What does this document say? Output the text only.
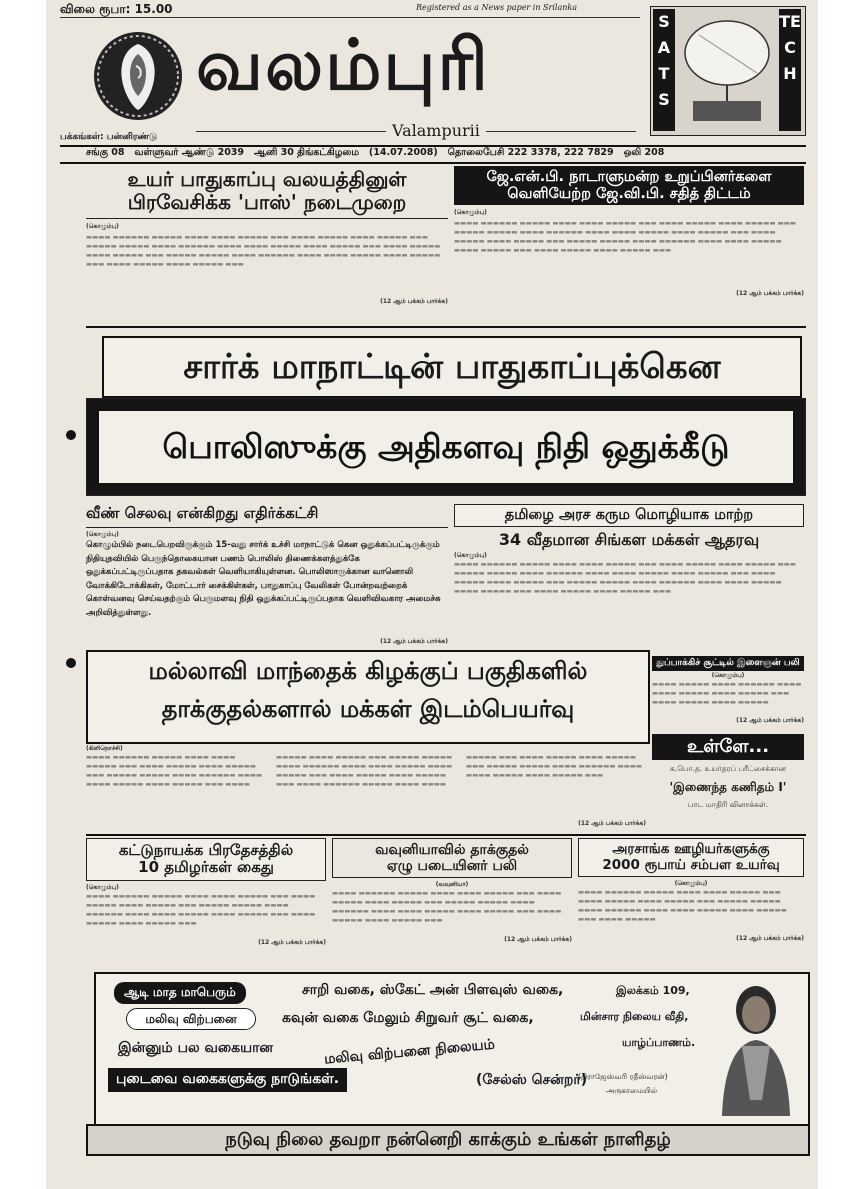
விலை ரூபா: 15.00	Registered as a News paper in Srilanka
வலம்புரி
Valampurii
SATS
TECH
பக்கங்கள்: பன்னிரண்டு
சங்கு 08   வள்ளுவர் ஆண்டு 2039   ஆனி 30 திங்கட்கிழமை   (14.07.2008)   தொலைபேசி 222 3378, 222 7829   ஒலி 208
உயர் பாதுகாப்பு வலயத்தினுள்
பிரவேசிக்க 'பாஸ்' நடைமுறை
(கொழும்பு)
▬▬▬▬ ▬▬▬▬▬▬ ▬▬▬▬▬ ▬▬▬▬ ▬▬▬▬ ▬▬▬▬▬ ▬▬▬ ▬▬▬▬ ▬▬▬▬▬ ▬▬▬▬ ▬▬▬▬▬ ▬▬▬ ▬▬▬▬▬ ▬▬▬▬▬ ▬▬▬▬ ▬▬▬▬▬▬ ▬▬▬▬ ▬▬▬▬ ▬▬▬▬▬ ▬▬▬▬ ▬▬▬▬▬ ▬▬▬ ▬▬▬▬ ▬▬▬▬▬ ▬▬▬▬ ▬▬▬▬▬ ▬▬▬ ▬▬▬▬▬ ▬▬▬▬▬ ▬▬▬▬ ▬▬▬▬▬▬ ▬▬▬▬ ▬▬▬▬ ▬▬▬▬▬ ▬▬▬▬ ▬▬▬▬▬ ▬▬▬ ▬▬▬▬ ▬▬▬▬▬ ▬▬▬▬ ▬▬▬▬▬ ▬▬▬
(12 ஆம் பக்கம் பார்க்க)
ஜே.என்.பி. நாடாளுமன்ற உறுப்பினர்களை
வெளியேற்ற ஜே.வி.பி. சதித் திட்டம்
(கொழும்பு)
▬▬▬▬ ▬▬▬▬▬▬ ▬▬▬▬▬ ▬▬▬▬ ▬▬▬▬ ▬▬▬▬▬ ▬▬▬ ▬▬▬▬ ▬▬▬▬▬ ▬▬▬▬ ▬▬▬▬▬ ▬▬▬ ▬▬▬▬▬ ▬▬▬▬▬ ▬▬▬▬ ▬▬▬▬▬▬ ▬▬▬▬ ▬▬▬▬ ▬▬▬▬▬ ▬▬▬▬ ▬▬▬▬▬ ▬▬▬ ▬▬▬▬ ▬▬▬▬▬ ▬▬▬▬ ▬▬▬▬▬ ▬▬▬ ▬▬▬▬▬ ▬▬▬▬▬ ▬▬▬▬ ▬▬▬▬▬▬ ▬▬▬▬ ▬▬▬▬ ▬▬▬▬▬ ▬▬▬▬ ▬▬▬▬▬ ▬▬▬ ▬▬▬▬ ▬▬▬▬▬ ▬▬▬▬ ▬▬▬▬▬ ▬▬▬
(12 ஆம் பக்கம் பார்க்க)
சார்க் மாநாட்டின் பாதுகாப்புக்கென
பொலிஸுக்கு அதிகளவு நிதி ஒதுக்கீடு
வீண் செலவு என்கிறது எதிர்க்கட்சி
(கொழும்பு)
கொழும்பில் நடைபெறவிருக்கும் 15-வது சார்க் உச்சி மாநாட்டுக் கென ஒதுக்கப்பட்டிருக்கும் நிதியுதவியில் பெருந்தொகையான பணம் பொலிஸ் திணைக்களத்துக்கே ஒதுக்கப்பட்டிருப்பதாக தகவல்கள் வெளியாகியுள்ளன. பொலிஸாருக்கான வானொலி வோக்கிடோக்கிகள், மோட்டார் சைக்கிள்கள், பாதுகாப்பு வேலிகள் போன்றவற்றைக் கொள்வனவு செய்வதற்கும் பெருமளவு நிதி ஒதுக்கப்பட்டிருப்பதாக வெளிவிவகார அமைச்சு அறிவித்துள்ளது.
(12 ஆம் பக்கம் பார்க்க)
தமிழை அரச கரும மொழியாக மாற்ற
34 வீதமான சிங்கள மக்கள் ஆதரவு
(கொழும்பு)
▬▬▬▬ ▬▬▬▬▬▬ ▬▬▬▬▬ ▬▬▬▬ ▬▬▬▬ ▬▬▬▬▬ ▬▬▬ ▬▬▬▬ ▬▬▬▬▬ ▬▬▬▬ ▬▬▬▬▬ ▬▬▬ ▬▬▬▬▬ ▬▬▬▬▬ ▬▬▬▬ ▬▬▬▬▬▬ ▬▬▬▬ ▬▬▬▬ ▬▬▬▬▬ ▬▬▬▬ ▬▬▬▬▬ ▬▬▬ ▬▬▬▬ ▬▬▬▬▬ ▬▬▬▬ ▬▬▬▬▬ ▬▬▬ ▬▬▬▬▬ ▬▬▬▬▬ ▬▬▬▬ ▬▬▬▬▬▬ ▬▬▬▬ ▬▬▬▬ ▬▬▬▬▬ ▬▬▬▬ ▬▬▬▬▬ ▬▬▬ ▬▬▬▬ ▬▬▬▬▬ ▬▬▬▬ ▬▬▬▬▬ ▬▬▬
மல்லாவி மாந்தைக் கிழக்குப் பகுதிகளில்
தாக்குதல்களால் மக்கள் இடம்பெயர்வு
(கிளிநொச்சி)
▬▬▬▬ ▬▬▬▬▬▬ ▬▬▬▬▬ ▬▬▬▬ ▬▬▬▬ ▬▬▬▬▬ ▬▬▬ ▬▬▬▬ ▬▬▬▬▬ ▬▬▬▬ ▬▬▬▬▬ ▬▬▬ ▬▬▬▬▬ ▬▬▬▬▬ ▬▬▬▬ ▬▬▬▬▬▬ ▬▬▬▬ ▬▬▬▬ ▬▬▬▬▬ ▬▬▬▬ ▬▬▬▬▬ ▬▬▬ ▬▬▬▬ ▬▬▬▬▬ ▬▬▬▬ ▬▬▬▬▬ ▬▬▬ ▬▬▬▬▬ ▬▬▬▬▬ ▬▬▬▬ ▬▬▬▬▬▬ ▬▬▬▬ ▬▬▬▬ ▬▬▬▬▬ ▬▬▬▬ ▬▬▬▬▬ ▬▬▬ ▬▬▬▬ ▬▬▬▬▬ ▬▬▬▬ ▬▬▬▬▬ ▬▬▬ ▬▬▬▬ ▬▬▬▬▬▬ ▬▬▬▬▬ ▬▬▬▬ ▬▬▬▬ ▬▬▬▬▬ ▬▬▬ ▬▬▬▬ ▬▬▬▬▬ ▬▬▬▬ ▬▬▬▬▬ ▬▬▬ ▬▬▬▬▬ ▬▬▬▬▬ ▬▬▬▬ ▬▬▬▬▬▬ ▬▬▬▬ ▬▬▬▬ ▬▬▬▬▬ ▬▬▬▬ ▬▬▬▬▬ ▬▬▬
(12 ஆம் பக்கம் பார்க்க)
துப்பாக்கிச் சூட்டில் இளைஞன் பலி
(கொழும்பு)
▬▬▬▬ ▬▬▬▬▬ ▬▬▬▬ ▬▬▬▬▬▬ ▬▬▬▬ ▬▬▬▬ ▬▬▬▬▬ ▬▬▬▬ ▬▬▬▬▬ ▬▬▬ ▬▬▬▬ ▬▬▬▬▬ ▬▬▬▬ ▬▬▬▬▬
(12 ஆம் பக்கம் பார்க்க)
உள்ளே...
க.பொ.த. உயர்தரப் பரீட்சைக்கான
'இணைந்த கணிதம் I'
பாட மாதிரி வினாக்கள்.
கட்டுநாயக்க பிரதேசத்தில்
10 தமிழர்கள் கைது
(கொழும்பு)
▬▬▬▬ ▬▬▬▬▬▬ ▬▬▬▬▬ ▬▬▬▬ ▬▬▬▬ ▬▬▬▬▬ ▬▬▬ ▬▬▬▬ ▬▬▬▬▬ ▬▬▬▬ ▬▬▬▬▬ ▬▬▬ ▬▬▬▬▬ ▬▬▬▬▬ ▬▬▬▬ ▬▬▬▬▬▬ ▬▬▬▬ ▬▬▬▬ ▬▬▬▬▬ ▬▬▬▬ ▬▬▬▬▬ ▬▬▬ ▬▬▬▬ ▬▬▬▬▬ ▬▬▬▬ ▬▬▬▬▬ ▬▬▬
(12 ஆம் பக்கம் பார்க்க)
வவுனியாவில் தாக்குதல்
ஏழு படையினர் பலி
(வவுனியா)
▬▬▬▬ ▬▬▬▬▬▬ ▬▬▬▬▬ ▬▬▬▬ ▬▬▬▬ ▬▬▬▬▬ ▬▬▬ ▬▬▬▬ ▬▬▬▬▬ ▬▬▬▬ ▬▬▬▬▬ ▬▬▬ ▬▬▬▬▬ ▬▬▬▬▬ ▬▬▬▬ ▬▬▬▬▬▬ ▬▬▬▬ ▬▬▬▬ ▬▬▬▬▬ ▬▬▬▬ ▬▬▬▬▬ ▬▬▬ ▬▬▬▬ ▬▬▬▬▬ ▬▬▬▬ ▬▬▬▬▬ ▬▬▬
(12 ஆம் பக்கம் பார்க்க)
அரசாங்க ஊழியர்களுக்கு
2000 ரூபாய் சம்பள உயர்வு
(கொழும்பு)
▬▬▬▬ ▬▬▬▬▬▬ ▬▬▬▬▬ ▬▬▬▬ ▬▬▬▬ ▬▬▬▬▬ ▬▬▬ ▬▬▬▬ ▬▬▬▬▬ ▬▬▬▬ ▬▬▬▬▬ ▬▬▬ ▬▬▬▬▬ ▬▬▬▬▬ ▬▬▬▬ ▬▬▬▬▬▬ ▬▬▬▬ ▬▬▬▬ ▬▬▬▬▬ ▬▬▬▬ ▬▬▬▬▬ ▬▬▬ ▬▬▬▬ ▬▬▬▬▬
(12 ஆம் பக்கம் பார்க்க)
ஆடி மாத மாபெரும்
மலிவு விற்பனை
சாறி வகை, ஸ்கேட் அன் பிளவுஸ் வகை,
கவுன் வகை மேலும் சிறுவர் சூட் வகை,
இன்னும் பல வகையான
புடைவை வகைகளுக்கு நாடுங்கள்.
மலிவு விற்பனை நிலையம்
(சேல்ஸ் சென்றர்)
இலக்கம் 109,
மின்சார நிலைய வீதி,
யாழ்ப்பாணம்.
(திராஜேஸ்வரி ரதீஸ்வரன்)
அருகாமையில்
நடுவு நிலை தவறா நன்னெறி காக்கும் உங்கள் நாளிதழ்
